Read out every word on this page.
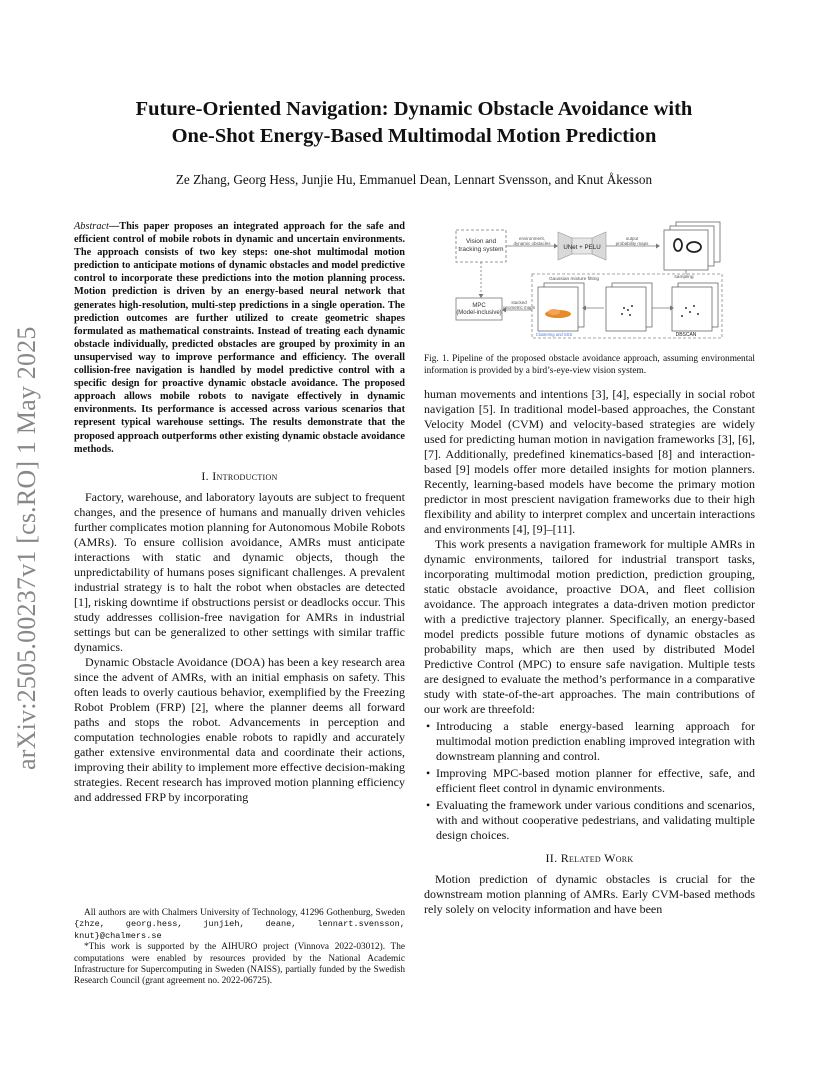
arXiv:2505.00237v1 [cs.RO] 1 May 2025
Future-Oriented Navigation: Dynamic Obstacle Avoidance with
One-Shot Energy-Based Multimodal Motion Prediction
Ze Zhang, Georg Hess, Junjie Hu, Emmanuel Dean, Lennart Svensson, and Knut Åkesson

Abstract—This paper proposes an integrated approach for the safe and efficient control of mobile robots in dynamic and uncertain environments. The approach consists of two key steps: one-shot multimodal motion prediction to anticipate motions of dynamic obstacles and model predictive control to incorporate these predictions into the motion planning process. Motion prediction is driven by an energy-based neural network that generates high-resolution, multi-step predictions in a single operation. The prediction outcomes are further utilized to create geometric shapes formulated as mathematical constraints. Instead of treating each dynamic obstacle individually, predicted obstacles are grouped by proximity in an unsupervised way to improve performance and efficiency. The overall collision-free navigation is handled by model predictive control with a specific design for proactive dynamic obstacle avoidance. The proposed approach allows mobile robots to navigate effectively in dynamic environments. Its performance is accessed across various scenarios that represent typical warehouse settings. The results demonstrate that the proposed approach outperforms other existing dynamic obstacle avoidance methods.

I. Introduction

Factory, warehouse, and laboratory layouts are subject to frequent changes, and the presence of humans and manually driven vehicles further complicates motion planning for Autonomous Mobile Robots (AMRs). To ensure collision avoidance, AMRs must anticipate interactions with static and dynamic objects, though the unpredictability of humans poses significant challenges. A prevalent industrial strategy is to halt the robot when obstacles are detected [1], risking downtime if obstructions persist or deadlocks occur. This study addresses collision-free navigation for AMRs in industrial settings but can be generalized to other settings with similar traffic dynamics.

Dynamic Obstacle Avoidance (DOA) has been a key research area since the advent of AMRs, with an initial emphasis on safety. This often leads to overly cautious behavior, exemplified by the Freezing Robot Problem (FRP) [2], where the planner deems all forward paths and stops the robot. Advancements in perception and computation technologies enable robots to rapidly and accurately gather extensive environmental data and coordinate their actions, improving their ability to implement more effective decision-making strategies. Recent research has improved motion planning efficiency and addressed FRP by incorporating

All authors are with Chalmers University of Technology, 41296 Gothenburg, Sweden {zhze, georg.hess, junjieh, deane, lennart.svensson, knut}@chalmers.se

*This work is supported by the AIHURO project (Vinnova 2022-03012). The computations were enabled by resources provided by the National Academic Infrastructure for Supercomputing in Sweden (NAISS), partially funded by the Swedish Research Council (grant agreement no. 2022-06725).

Vision and tracking system
environment, dynamic obstacles
UNet + PELU
output probability maps
sampling
Gaussian mixture fitting
DBSCAN
Clustering and SSS
MPC (Model-inclusive)
stacked geometric maps

Fig. 1. Pipeline of the proposed obstacle avoidance approach, assuming environmental information is provided by a bird’s-eye-view vision system.

human movements and intentions [3], [4], especially in social robot navigation [5]. In traditional model-based approaches, the Constant Velocity Model (CVM) and velocity-based strategies are widely used for predicting human motion in navigation frameworks [3], [6], [7]. Additionally, predefined kinematics-based [8] and interaction-based [9] models offer more detailed insights for motion planners. Recently, learning-based models have become the primary motion predictor in most prescient navigation frameworks due to their high flexibility and ability to interpret complex and uncertain interactions and environments [4], [9]–[11].

This work presents a navigation framework for multiple AMRs in dynamic environments, tailored for industrial transport tasks, incorporating multimodal motion prediction, prediction grouping, static obstacle avoidance, proactive DOA, and fleet collision avoidance. The approach integrates a data-driven motion predictor with a predictive trajectory planner. Specifically, an energy-based model predicts possible future motions of dynamic obstacles as probability maps, which are then used by distributed Model Predictive Control (MPC) to ensure safe navigation. Multiple tests are designed to evaluate the method’s performance in a comparative study with state-of-the-art approaches. The main contributions of our work are threefold:

• Introducing a stable energy-based learning approach for multimodal motion prediction enabling improved integration with downstream planning and control.
• Improving MPC-based motion planner for effective, safe, and efficient fleet control in dynamic environments.
• Evaluating the framework under various conditions and scenarios, with and without cooperative pedestrians, and validating multiple design choices.
II. Related Work

Motion prediction of dynamic obstacles is crucial for the downstream motion planning of AMRs. Early CVM-based methods rely solely on velocity information and have been
